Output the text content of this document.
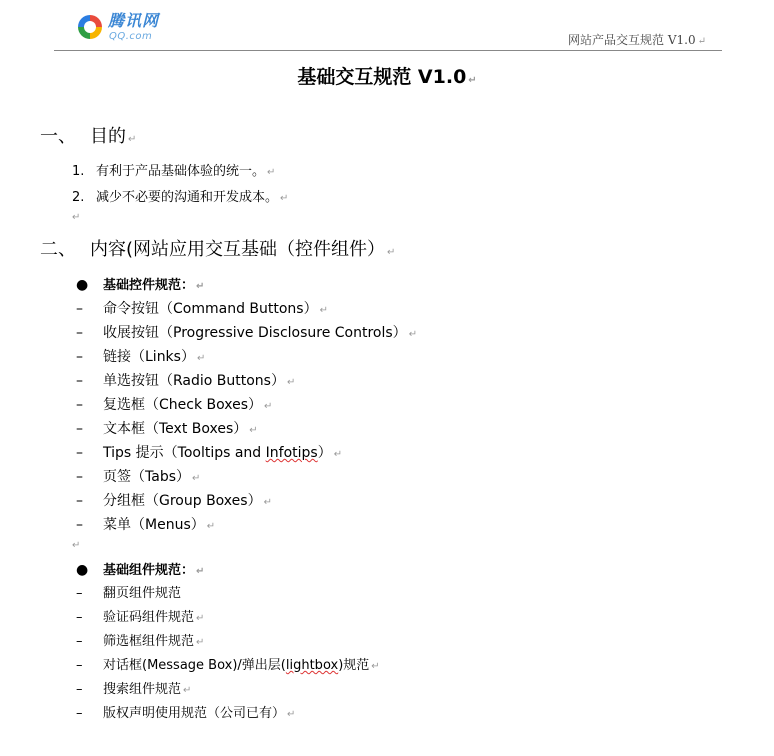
腾讯网
QQ.com	网站产品交互规范 V1.0 ↵
基础交互规范 V1.0 ↵
一、 目的 ↵
1. 有利于产品基础体验的统一。 ↵
2. 减少不必要的沟通和开发成本。 ↵
↵
二、 内容(网站应用交互基础（控件组件） ↵
● 基础控件规范： ↵
– 命令按钮（Command Buttons） ↵
– 收展按钮（Progressive Disclosure Controls） ↵
– 链接（Links） ↵
– 单选按钮（Radio Buttons） ↵
– 复选框（Check Boxes） ↵
– 文本框（Text Boxes） ↵
– Tips 提示（Tooltips and Infotips） ↵
– 页签（Tabs） ↵
– 分组框（Group Boxes） ↵
– 菜单（Menus） ↵
↵
● 基础组件规范： ↵
– 翻页组件规范
– 验证码组件规范 ↵
– 筛选框组件规范 ↵
– 对话框(Message Box)/弹出层(lightbox)规范 ↵
– 搜索组件规范 ↵
– 版权声明使用规范（公司已有） ↵
